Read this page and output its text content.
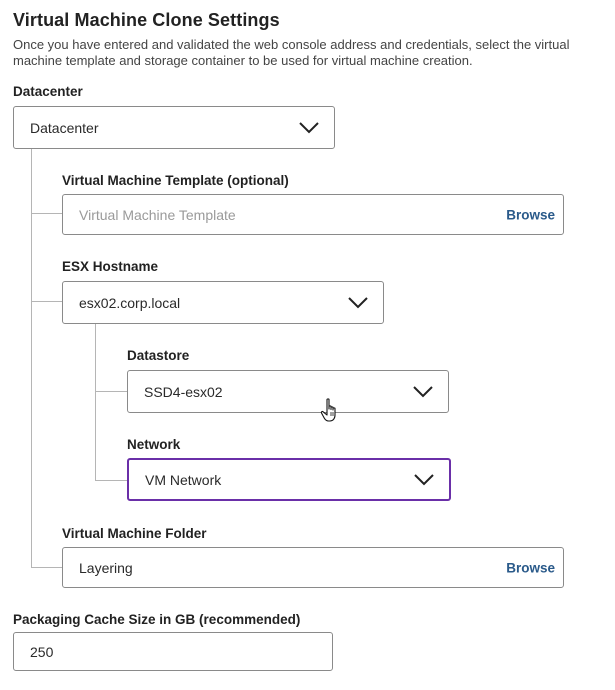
Virtual Machine Clone Settings
Once you have entered and validated the web console address and credentials, select the virtual machine template and storage container to be used for virtual machine creation.
Datacenter
Datacenter
Virtual Machine Template (optional)
Virtual Machine Template	Browse
ESX Hostname
esx02.corp.local
Datastore
SSD4-esx02
Network
VM Network
Virtual Machine Folder
Layering	Browse
Packaging Cache Size in GB (recommended)
250
